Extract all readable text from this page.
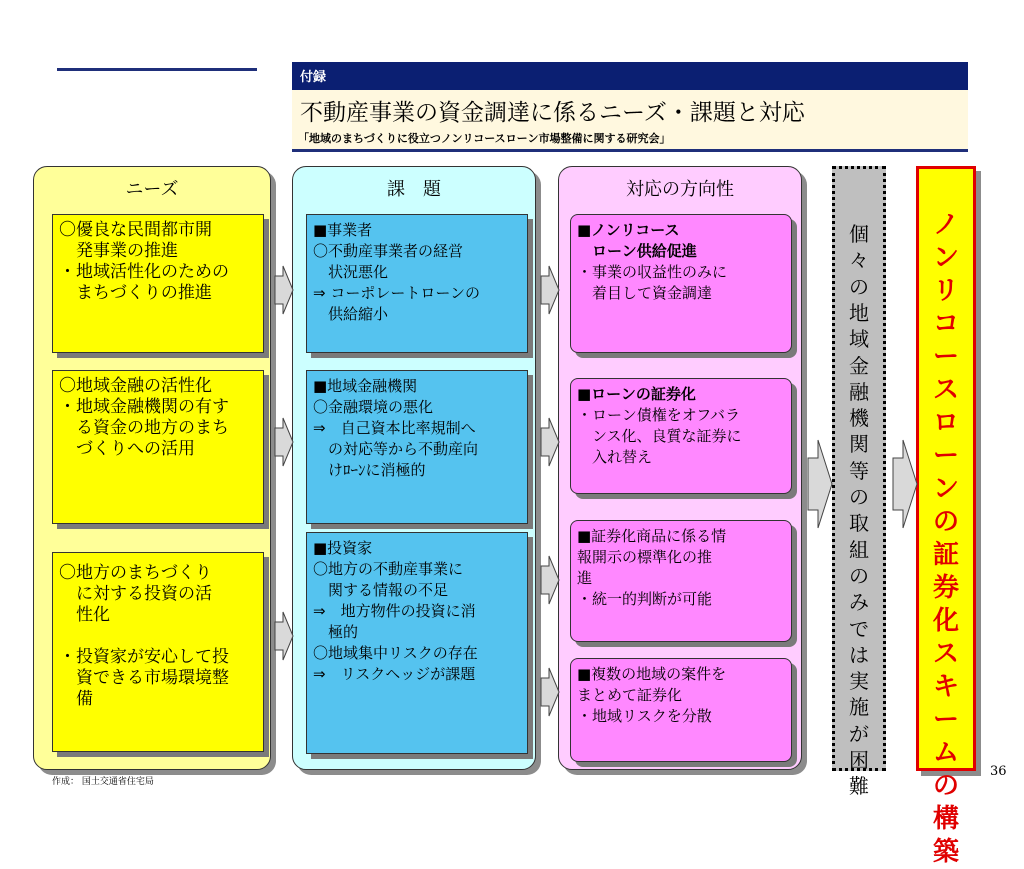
付録
不動産事業の資金調達に係るニーズ・課題と対応
「地域のまちづくりに役立つノンリコースローン市場整備に関する研究会」
ニーズ
〇優良な民間都市開
　発事業の推進
・地域活性化のための
　まちづくりの推進
〇地域金融の活性化
・地域金融機関の有す
　る資金の地方のまち
　づくりへの活用
〇地方のまちづくり
　に対する投資の活
　性化

・投資家が安心して投
　資できる市場環境整
　備
課　題
■事業者
〇不動産事業者の経営
　状況悪化
⇒ コーポレートローンの
　供給縮小
■地域金融機関
〇金融環境の悪化
⇒　自己資本比率規制へ
　の対応等から不動産向
　けﾛｰﾝに消極的
■投資家
〇地方の不動産事業に
　関する情報の不足
⇒　地方物件の投資に消
　極的
〇地域集中リスクの存在
⇒　リスクヘッジが課題
対応の方向性
■ノンリコース
　ローン供給促進
・事業の収益性のみに
　着目して資金調達
■ローンの証券化
・ローン債権をオフバラ
　ンス化、良質な証券に
　入れ替え
■証券化商品に係る情
報開示の標準化の推
進
・統一的判断が可能
■複数の地域の案件を
まとめて証券化
・地域リスクを分散
個
々
の
地
域
金
融
機
関
等
の
取
組
の
み
で
は
実
施
が
困
難
ノ
ン
リ
コ
ー
ス
ロ
ー
ン
の
証
券
化
ス
キ
ー
ム
の
構
築
作成： 国土交通省住宅局
36
